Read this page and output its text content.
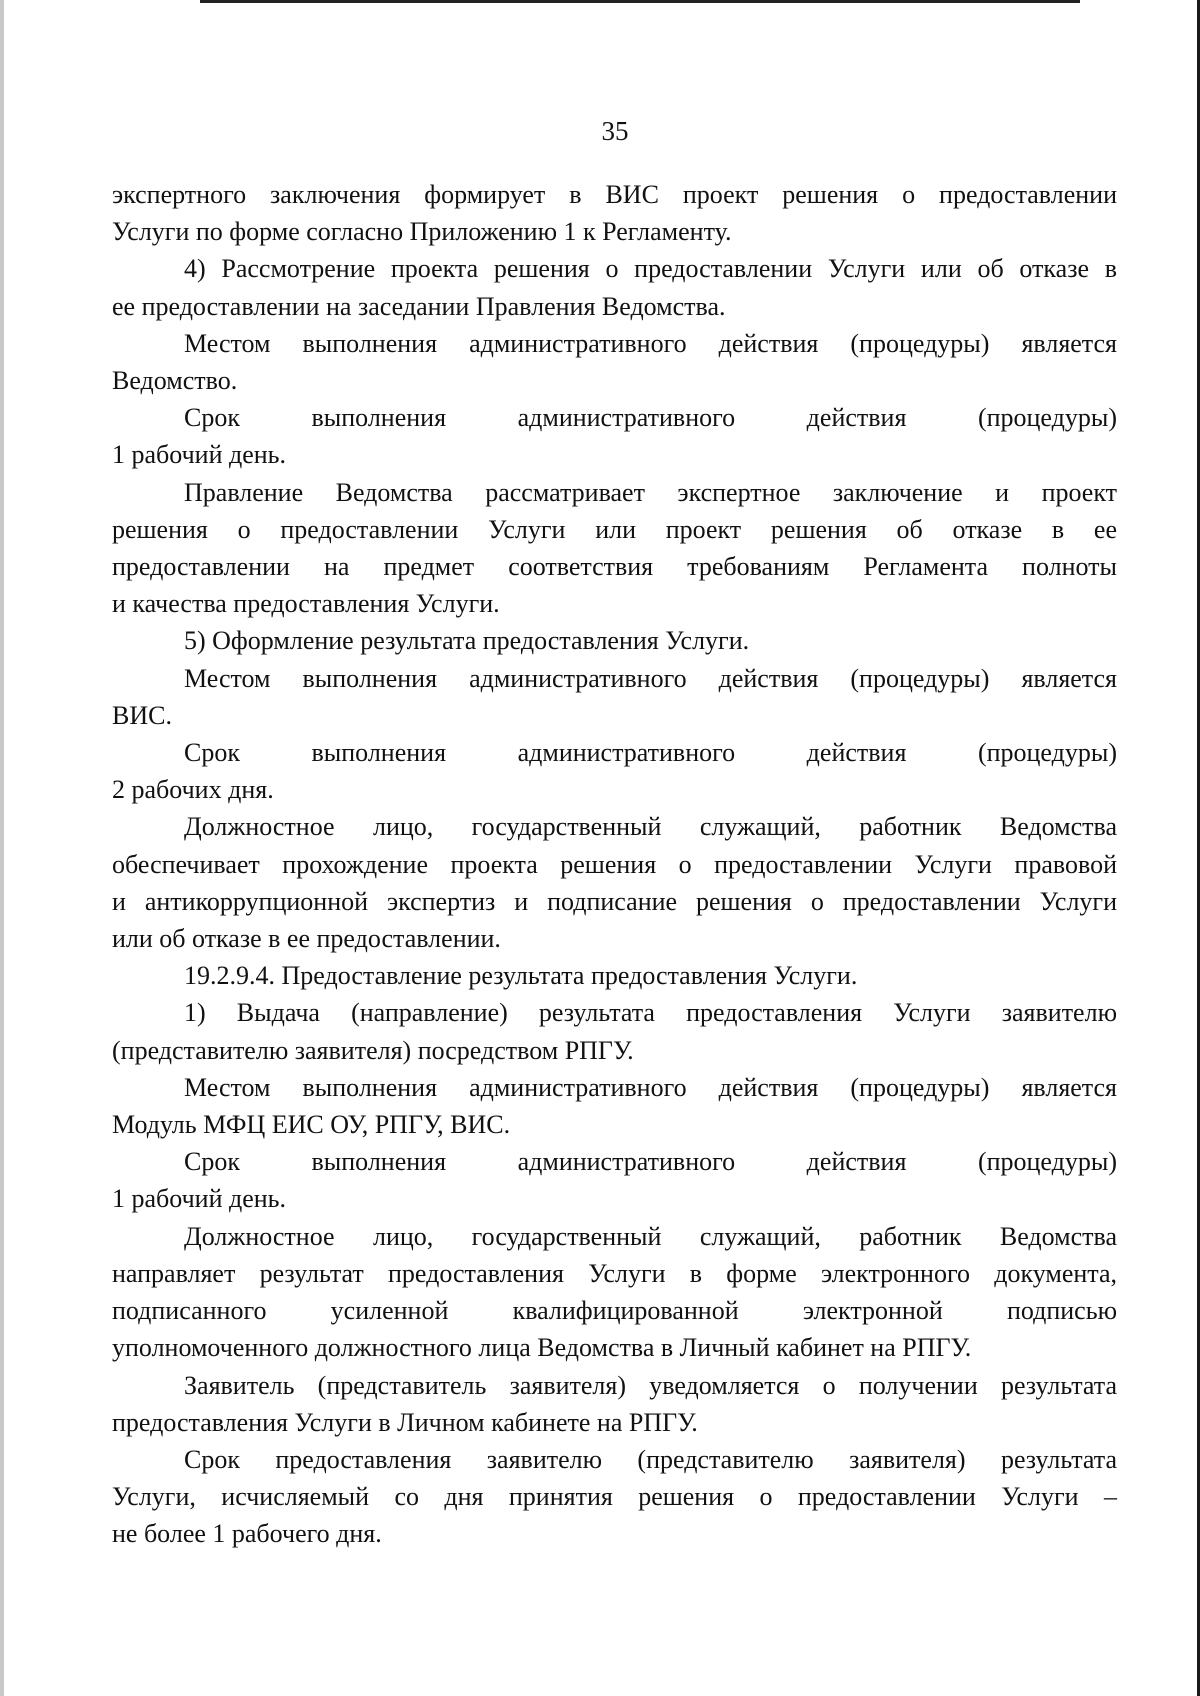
35

экспертного заключения формирует в ВИС проект решения о предоставлении
Услуги по форме согласно Приложению 1 к Регламенту.

4) Рассмотрение проекта решения о предоставлении Услуги или об отказе в
ее предоставлении на заседании Правления Ведомства.

Местом выполнения административного действия (процедуры) является
Ведомство.

Срок выполнения административного действия (процедуры)
1 рабочий день.

Правление Ведомства рассматривает экспертное заключение и проект
решения о предоставлении Услуги или проект решения об отказе в ее
предоставлении на предмет соответствия требованиям Регламента полноты
и качества предоставления Услуги.

5) Оформление результата предоставления Услуги.

Местом выполнения административного действия (процедуры) является
ВИС.

Срок выполнения административного действия (процедуры)
2 рабочих дня.

Должностное лицо, государственный служащий, работник Ведомства
обеспечивает прохождение проекта решения о предоставлении Услуги правовой
и антикоррупционной экспертиз и подписание решения о предоставлении Услуги
или об отказе в ее предоставлении.

19.2.9.4. Предоставление результата предоставления Услуги.

1) Выдача (направление) результата предоставления Услуги заявителю
(представителю заявителя) посредством РПГУ.

Местом выполнения административного действия (процедуры) является
Модуль МФЦ ЕИС ОУ, РПГУ, ВИС.

Срок выполнения административного действия (процедуры)
1 рабочий день.

Должностное лицо, государственный служащий, работник Ведомства
направляет результат предоставления Услуги в форме электронного документа,
подписанного усиленной квалифицированной электронной подписью
уполномоченного должностного лица Ведомства в Личный кабинет на РПГУ.

Заявитель (представитель заявителя) уведомляется о получении результата
предоставления Услуги в Личном кабинете на РПГУ.

Срок предоставления заявителю (представителю заявителя) результата
Услуги, исчисляемый со дня принятия решения о предоставлении Услуги –
не более 1 рабочего дня.
